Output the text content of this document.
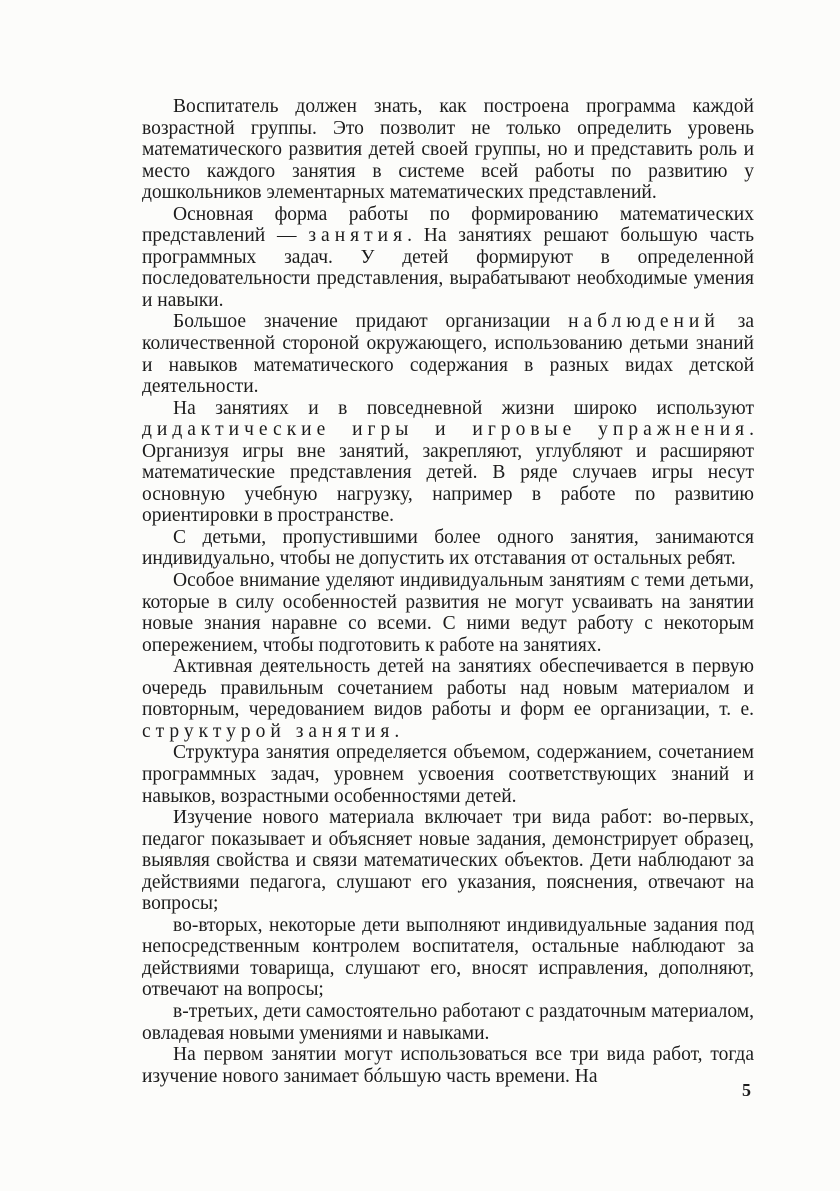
Воспитатель должен знать, как построена программа каждой возрастной группы. Это позволит не только определить уровень математического развития детей своей группы, но и представить роль и место каждого занятия в системе всей работы по развитию у дошкольников элементарных математических представлений.

Основная форма работы по формированию математических представлений — занятия. На занятиях решают большую часть программных задач. У детей формируют в определенной последовательности представления, вырабатывают необходимые умения и навыки.

Большое значение придают организации наблюдений за количественной стороной окружающего, использованию детьми знаний и навыков математического содержания в разных видах детской деятельности.

На занятиях и в повседневной жизни широко используют дидактические игры и игровые упражнения. Организуя игры вне занятий, закрепляют, углубляют и расширяют математические представления детей. В ряде случаев игры несут основную учебную нагрузку, например в работе по развитию ориентировки в пространстве.

С детьми, пропустившими более одного занятия, занимаются индивидуально, чтобы не допустить их отставания от остальных ребят.

Особое внимание уделяют индивидуальным занятиям с теми детьми, которые в силу особенностей развития не могут усваивать на занятии новые знания наравне со всеми. С ними ведут работу с некоторым опережением, чтобы подготовить к работе на занятиях.

Активная деятельность детей на занятиях обеспечивается в первую очередь правильным сочетанием работы над новым материалом и повторным, чередованием видов работы и форм ее организации, т. е. структурой занятия.

Структура занятия определяется объемом, содержанием, сочетанием программных задач, уровнем усвоения соответствующих знаний и навыков, возрастными особенностями детей.

Изучение нового материала включает три вида работ: во-первых, педагог показывает и объясняет новые задания, демонстрирует образец, выявляя свойства и связи математических объектов. Дети наблюдают за действиями педагога, слушают его указания, пояснения, отвечают на вопросы;

во-вторых, некоторые дети выполняют индивидуальные задания под непосредственным контролем воспитателя, остальные наблюдают за действиями товарища, слушают его, вносят исправления, дополняют, отвечают на вопросы;

в-третьих, дети самостоятельно работают с раздаточным материалом, овладевая новыми умениями и навыками.

На первом занятии могут использоваться все три вида работ, тогда изучение нового занимает бóльшую часть времени. На

5
